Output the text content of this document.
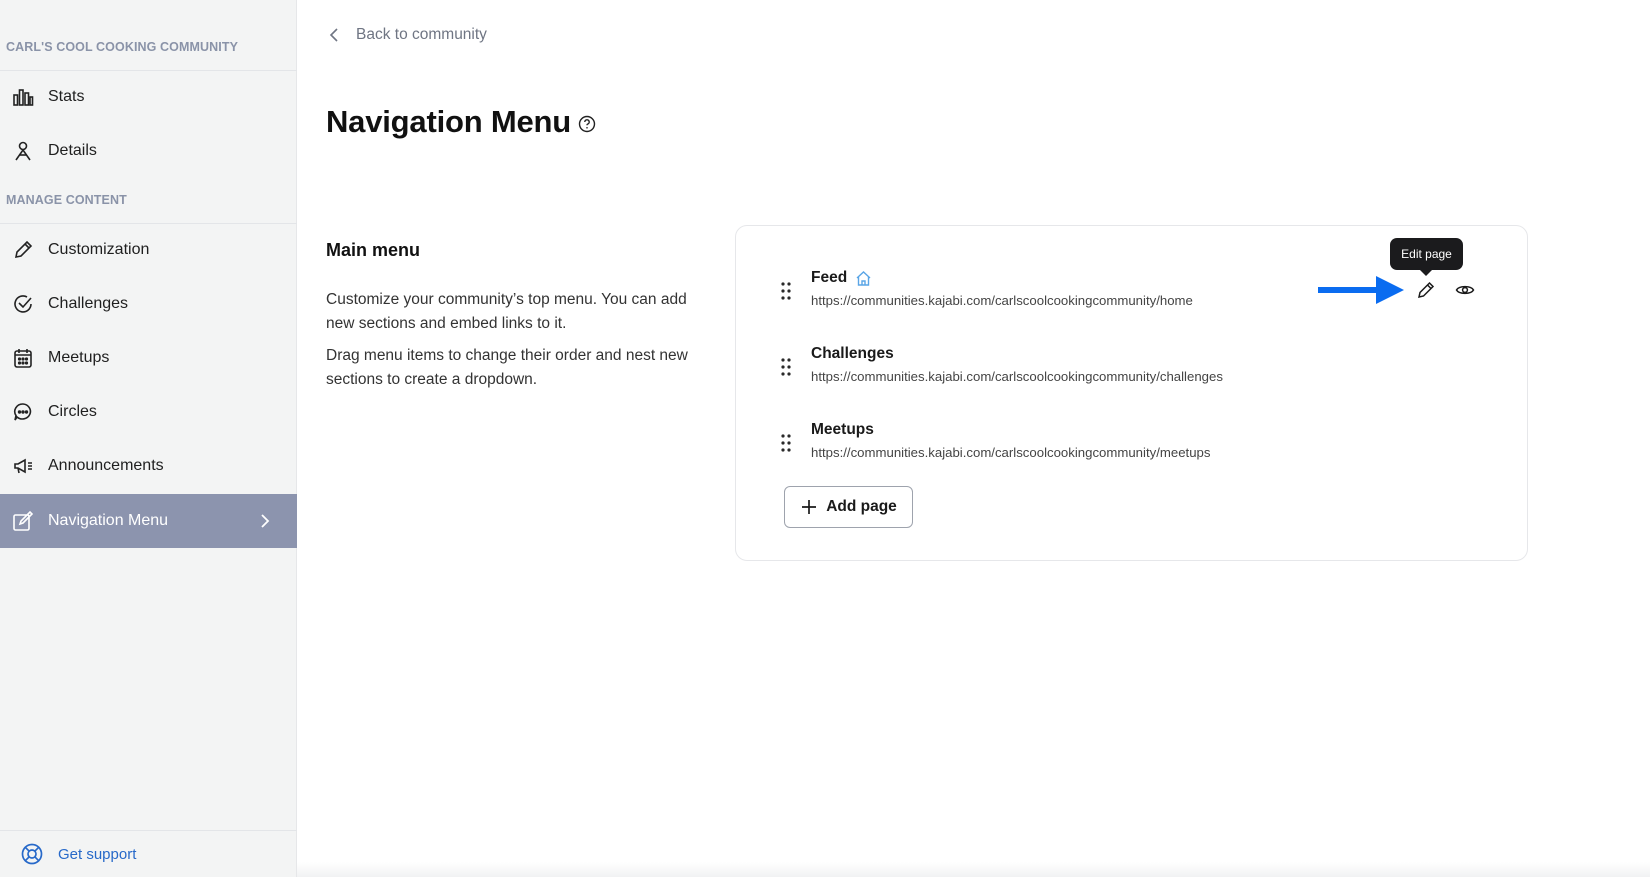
CARL'S COOL COOKING COMMUNITY
Stats
Details
MANAGE CONTENT
Customization
Challenges
Meetups
Circles
Announcements
Navigation Menu
Get support
Back to community
Navigation Menu
Main menu

Customize your community’s top menu. You can add new sections and embed links to it.

Drag menu items to change their order and nest new sections to create a dropdown.

Feed
https://communities.kajabi.com/carlscoolcookingcommunity/home
Challenges
https://communities.kajabi.com/carlscoolcookingcommunity/challenges
Meetups
https://communities.kajabi.com/carlscoolcookingcommunity/meetups
Add page
Edit page
